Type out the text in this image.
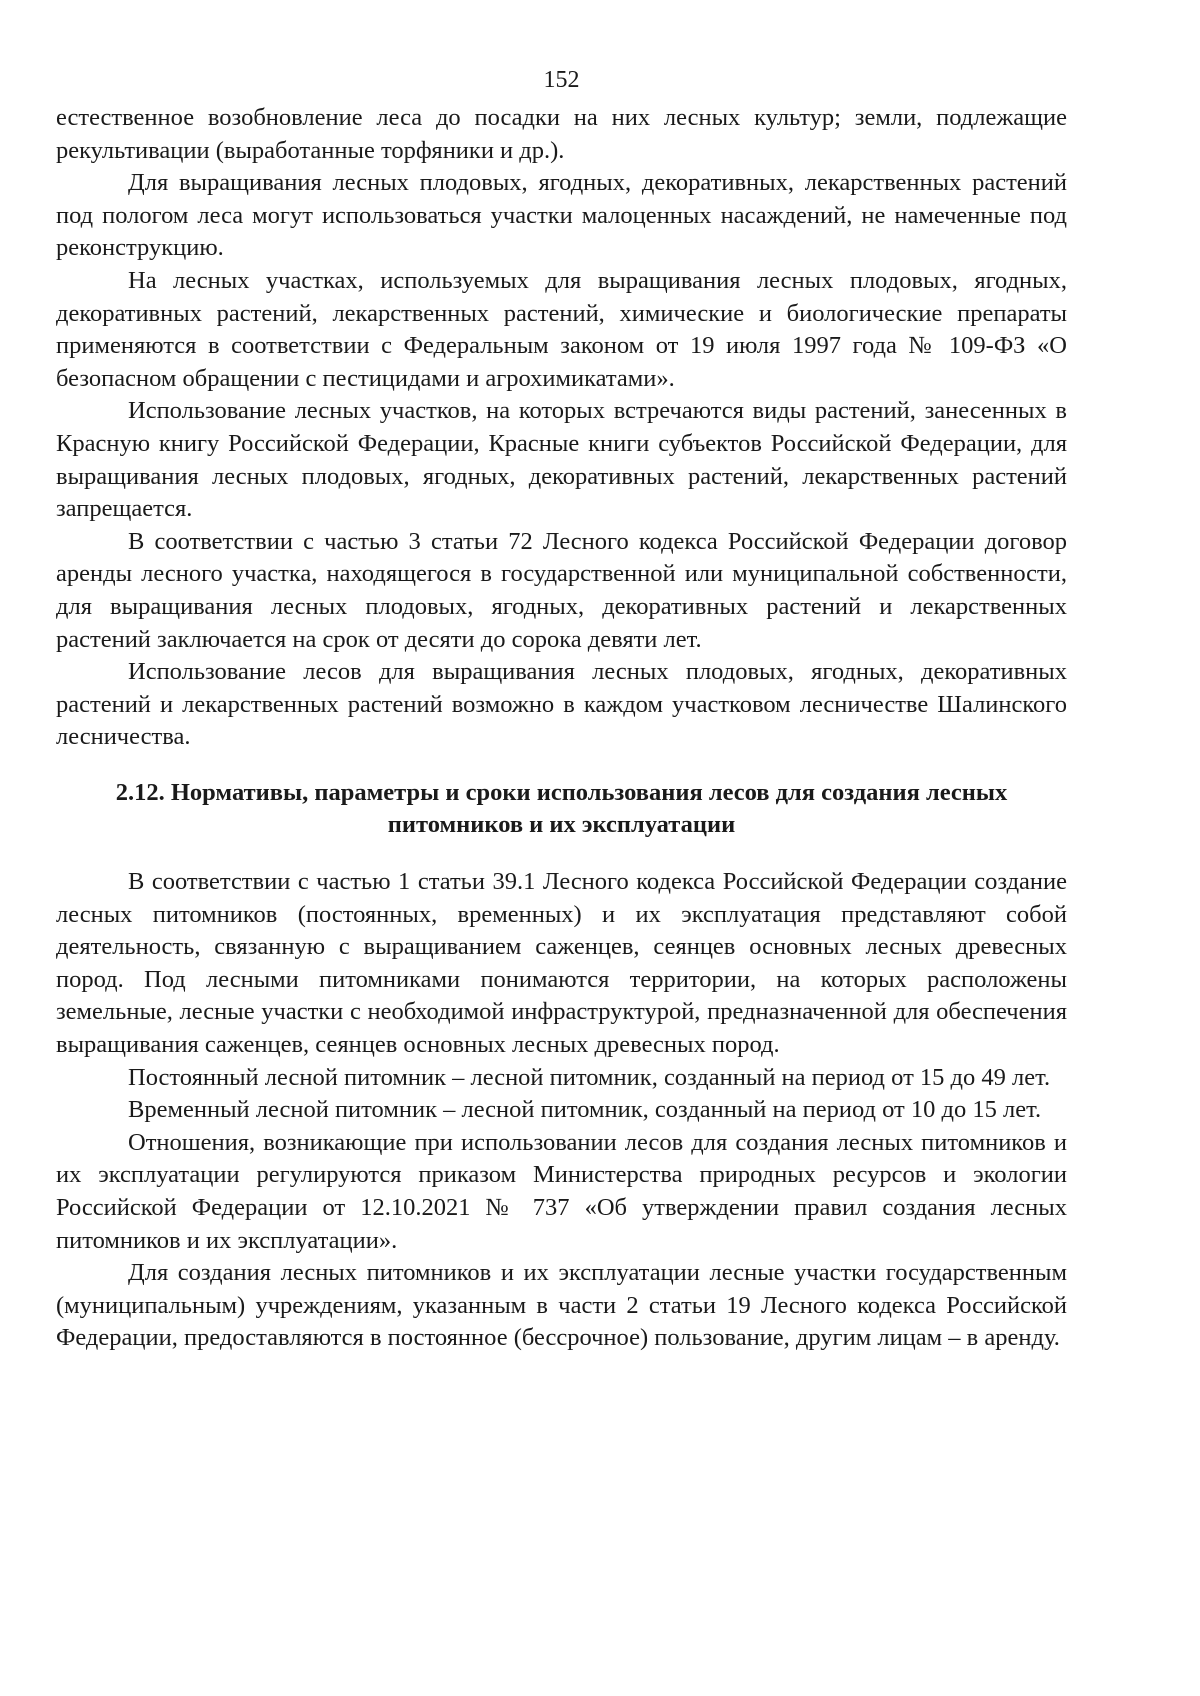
152

естественное возобновление леса до посадки на них лесных культур; земли, подлежащие рекультивации (выработанные торфяники и др.).

Для выращивания лесных плодовых, ягодных, декоративных, лекарственных растений под пологом леса могут использоваться участки малоценных насаждений, не намеченные под реконструкцию.

На лесных участках, используемых для выращивания лесных плодовых, ягодных, декоративных растений, лекарственных растений, химические и биологические препараты применяются в соответствии с Федеральным законом от 19 июля 1997 года № 109-ФЗ «О безопасном обращении с пестицидами и агрохимикатами».

Использование лесных участков, на которых встречаются виды растений, занесенных в Красную книгу Российской Федерации, Красные книги субъектов Российской Федерации, для выращивания лесных плодовых, ягодных, декоративных растений, лекарственных растений запрещается.

В соответствии с частью 3 статьи 72 Лесного кодекса Российской Федерации договор аренды лесного участка, находящегося в государственной или муниципальной собственности, для выращивания лесных плодовых, ягодных, декоративных растений и лекарственных растений заключается на срок от десяти до сорока девяти лет.

Использование лесов для выращивания лесных плодовых, ягодных, декоративных растений и лекарственных растений возможно в каждом участковом лесничестве Шалинского лесничества.

2.12. Нормативы, параметры и сроки использования лесов для создания лесных
питомников и их эксплуатации

В соответствии с частью 1 статьи 39.1 Лесного кодекса Российской Федерации создание лесных питомников (постоянных, временных) и их эксплуатация представляют собой деятельность, связанную с выращиванием саженцев, сеянцев основных лесных древесных пород. Под лесными питомниками понимаются территории, на которых расположены земельные, лесные участки с необходимой инфраструктурой, предназначенной для обеспечения выращивания саженцев, сеянцев основных лесных древесных пород.

Постоянный лесной питомник – лесной питомник, созданный на период от 15 до 49 лет.

Временный лесной питомник – лесной питомник, созданный на период от 10 до 15 лет.

Отношения, возникающие при использовании лесов для создания лесных питомников и их эксплуатации регулируются приказом Министерства природных ресурсов и экологии Российской Федерации от 12.10.2021 № 737 «Об утверждении правил создания лесных питомников и их эксплуатации».

Для создания лесных питомников и их эксплуатации лесные участки государственным (муниципальным) учреждениям, указанным в части 2 статьи 19 Лесного кодекса Российской Федерации, предоставляются в постоянное (бессрочное) пользование, другим лицам – в аренду.
